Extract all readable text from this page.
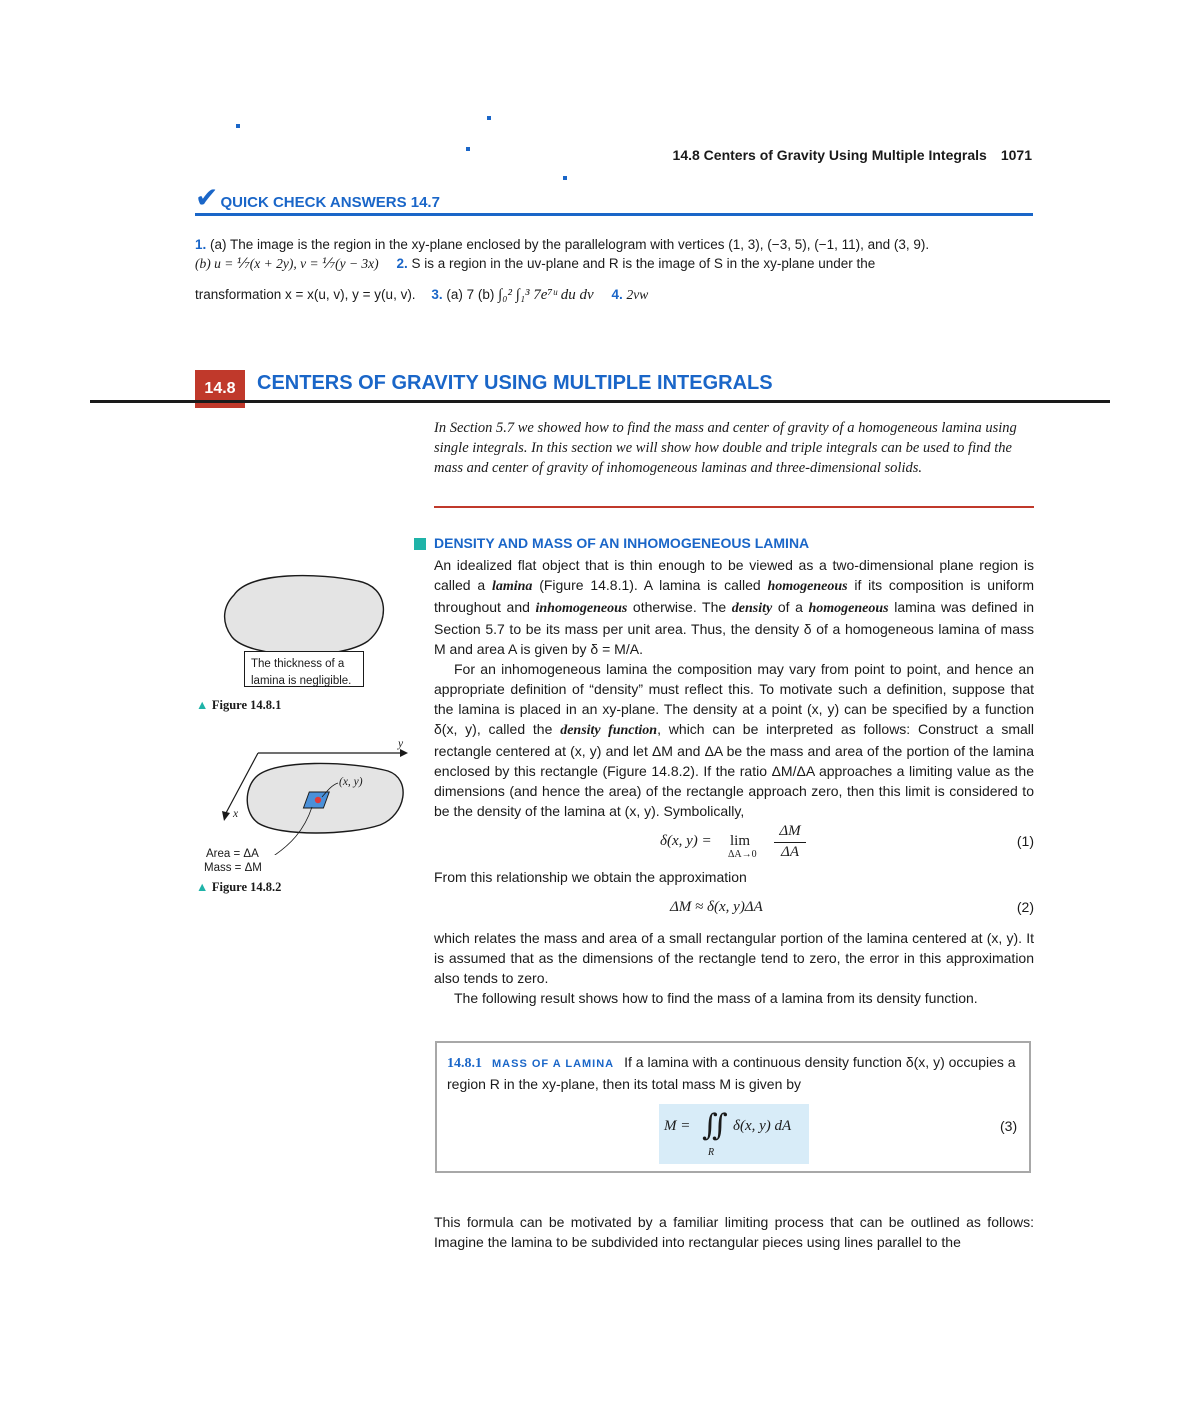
14.8 Centers of Gravity Using Multiple Integrals 1071
✔ QUICK CHECK ANSWERS 14.7
1. (a) The image is the region in the xy-plane enclosed by the parallelogram with vertices (1, 3), (−3, 5), (−1, 11), and (3, 9).
(b) u = ⅐(x + 2y), v = ⅐(y − 3x) 2. S is a region in the uv-plane and R is the image of S in the xy-plane under the
transformation x = x(u, v), y = y(u, v). 3. (a) 7 (b) ∫₀² ∫₁³ 7e⁷ᵘ du dv 4. 2vw
14.8	CENTERS OF GRAVITY USING MULTIPLE INTEGRALS
In Section 5.7 we showed how to find the mass and center of gravity of a homogeneous lamina using single integrals. In this section we will show how double and triple integrals can be used to find the mass and center of gravity of inhomogeneous laminas and three-dimensional solids.
DENSITY AND MASS OF AN INHOMOGENEOUS LAMINA

An idealized flat object that is thin enough to be viewed as a two-dimensional plane region is called a lamina (Figure 14.8.1). A lamina is called homogeneous if its composition is uniform throughout and inhomogeneous otherwise. The density of a homogeneous lamina was defined in Section 5.7 to be its mass per unit area. Thus, the density δ of a homogeneous lamina of mass M and area A is given by δ = M/A.

For an inhomogeneous lamina the composition may vary from point to point, and hence an appropriate definition of “density” must reflect this. To motivate such a definition, suppose that the lamina is placed in an xy-plane. The density at a point (x, y) can be specified by a function δ(x, y), called the density function, which can be interpreted as follows: Construct a small rectangle centered at (x, y) and let ΔM and ΔA be the mass and area of the portion of the lamina enclosed by this rectangle (Figure 14.8.2). If the ratio ΔM/ΔA approaches a limiting value as the dimensions (and hence the area) of the rectangle approach zero, then this limit is considered to be the density of the lamina at (x, y). Symbolically,

δ(x, y) = lim
ΔA→0
ΔM
ΔA
(1)
From this relationship we obtain the approximation
ΔM ≈ δ(x, y)ΔA	(2)

which relates the mass and area of a small rectangular portion of the lamina centered at (x, y). It is assumed that as the dimensions of the rectangle tend to zero, the error in this approximation also tends to zero.

The following result shows how to find the mass of a lamina from its density function.

14.8.1 MASS OF A LAMINA If a lamina with a continuous density function δ(x, y) occupies a region R in the xy-plane, then its total mass M is given by
M = ∬
R
δ(x, y) dA	(3)
This formula can be motivated by a familiar limiting process that can be outlined as follows: Imagine the lamina to be subdivided into rectangular pieces using lines parallel to the
The thickness of a lamina is negligible.
▲ Figure 14.8.1
(x, y)
y
x
Area = ΔA
Mass = ΔM
▲ Figure 14.8.2
